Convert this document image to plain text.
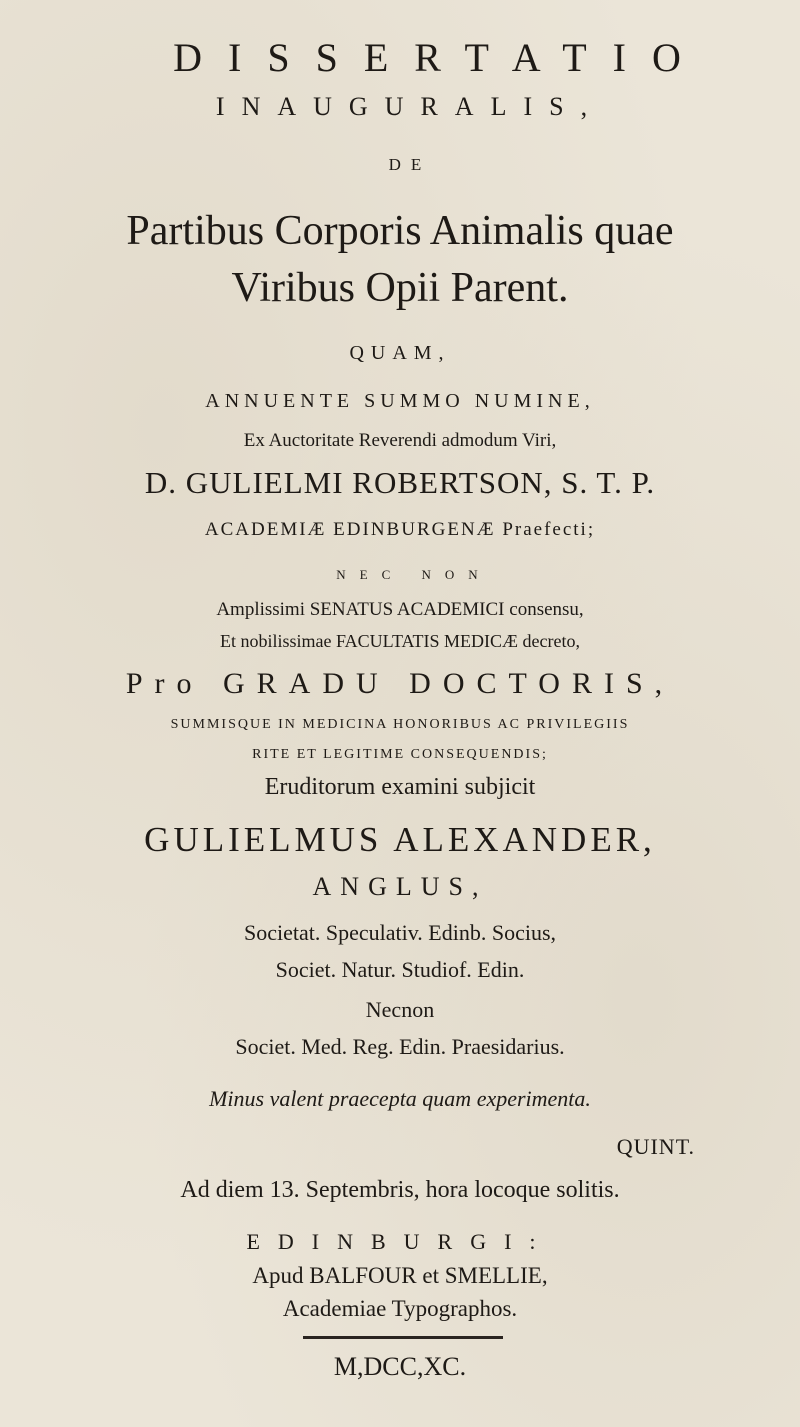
DISSERTATIO
INAUGURALIS,
DE
Partibus Corporis Animalis quae
Viribus Opii Parent.
QUAM,
ANNUENTE SUMMO NUMINE,
Ex Auctoritate Reverendi admodum Viri,
D. GULIELMI ROBERTSON, S. T. P.
ACADEMIÆ EDINBURGENÆ Praefecti;
NEC NON
Amplissimi SENATUS ACADEMICI consensu,
Et nobilissimae FACULTATIS MEDICÆ decreto,
Pro GRADU DOCTORIS,
SUMMISQUE IN MEDICINA HONORIBUS AC PRIVILEGIIS
RITE ET LEGITIME CONSEQUENDIS;
Eruditorum examini subjicit
GULIELMUS ALEXANDER,
ANGLUS,
Societat. Speculativ. Edinb. Socius,
Societ. Natur. Studiof. Edin.
Necnon
Societ. Med. Reg. Edin. Praesidarius.
Minus valent praecepta quam experimenta.
QUINT.
Ad diem 13. Septembris, hora locoque solitis.
EDINBURGI:
Apud BALFOUR et SMELLIE,
Academiae Typographos.
M,DCC,XC.
